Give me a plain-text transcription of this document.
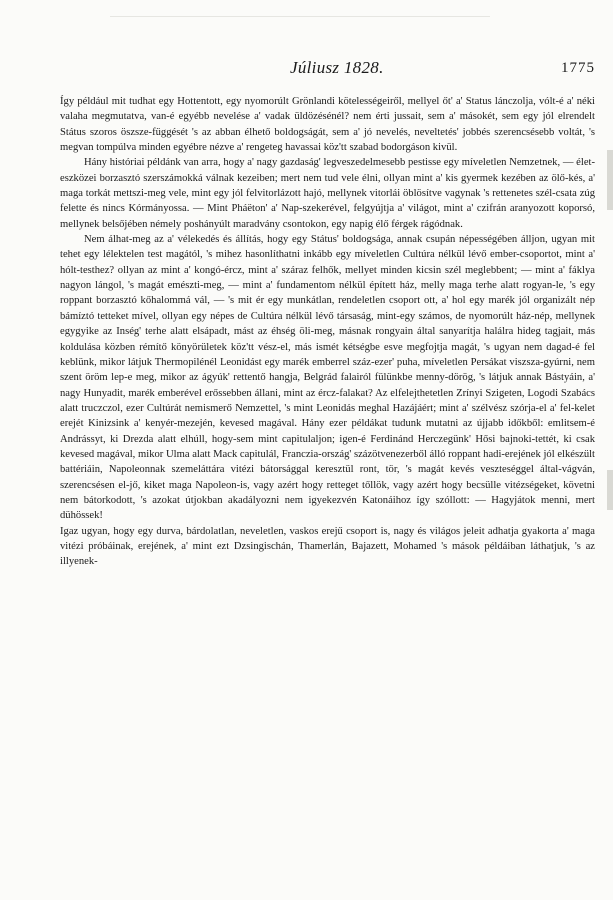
Júliusz 1828.	1775

Így például mit tudhat egy Hottentott, egy nyomorúlt Grönlandi kötelességeiről, mellyel őt' a' Status lánczolja, vólt-é a' néki valaha megmutatva, van-é egyébb nevelése a' vadak üldözésénél? nem érti jussait, sem a' másokét, sem egy jól elrendelt Státus szoros öszsze-függését 's az abban élhető boldogságát, sem a' jó nevelés, neveltetés' jobbés szerencsésebb voltát, 's megvan tompúlva minden egyébre nézve a' rengeteg havassai köz'tt szabad bodorgáson kivül.

Hány históriai példánk van arra, hogy a' nagy gazdaság' legveszedelmesebb pestisse egy míveletlen Nemzetnek, — élet-eszközei borzasztó szerszámokká válnak kezeiben; mert nem tud vele élni, ollyan mint a' kis gyermek kezében az ölő-kés, a' maga torkát mettszi-meg vele, mint egy jól felvitorlázott hajó, mellynek vitorlái öblösítve vagynak 's rettenetes szél-csata zúg felette és nincs Kórmányossa. — Mint Pháëton' a' Nap-szekerével, felgyújtja a' világot, mint a' czifrán aranyozott koporsó, mellynek belsőjében némely poshányúlt maradvány csontokon, egy napig élő férgek rágódnak.

Nem álhat-meg az a' vélekedés és állítás, hogy egy Státus' boldogsága, annak csupán népességében álljon, ugyan mit tehet egy lélektelen test magától, 's mihez hasonlíthatni inkább egy míveletlen Cultúra nélkül lévő ember-csoportot, mint a' hólt-testhez? ollyan az mint a' kongó-ércz, mint a' száraz felhők, mellyet minden kicsin szél meglebbent; — mint a' fáklya nagyon lángol, 's magát emészti-meg, — mint a' fundamentom nélkül épített ház, melly maga terhe alatt rogyan-le, 's egy roppant borzasztó kőhalommá vál, — 's mit ér egy munkátlan, rendeletlen csoport ott, a' hol egy marék jól organizált nép bámíztó tetteket mível, ollyan egy népes de Cultúra nélkül lévő társaság, mint-egy számos, de nyomorúlt ház-nép, mellynek egygyike az Inség' terhe alatt elsápadt, mást az éhség öli-meg, másnak rongyain által sanyarítja halálra hideg tagjait, más koldulása közben rémítő könyörületek köz'tt vész-el, más ismét kétségbe esve megfojtja magát, 's ugyan nem dagad-é fel keblünk, mikor látjuk Thermopilénél Leonidást egy marék emberrel száz-ezer' puha, míveletlen Persákat viszsza-gyúrni, nem szent öröm lep-e meg, mikor az ágyúk' rettentő hangja, Belgrád falairól fülünkbe menny-dörög, 's látjuk annak Bástyáin, a' nagy Hunyadit, marék emberével erőssebben állani, mint az ércz-falakat? Az elfelejthetetlen Zrínyi Szigeten, Logodi Szabács alatt truczczol, ezer Cultúrát nemismerő Nemzettel, 's mint Leonidás meghal Hazájáért; mint a' szélvész szórja-el a' fel-kelet erejét Kinizsink a' kenyér-mezején, kevesed magával. Hány ezer példákat tudunk mutatni az újjabb időkből: emlitsem-é Andrássyt, ki Drezda alatt elhúll, hogy-sem mint capitulaljon; igen-é Ferdinánd Herczegünk' Hősi bajnoki-tettét, ki csak kevesed magával, mikor Ulma alatt Mack capitulál, Franczia-ország' százötvenezerből álló roppant hadi-erejének jól elkészült battériáin, Napoleonnak szemeláttára vitézi bátorsággal keresztül ront, tör, 's magát kevés veszteséggel által-vágván, szerencsésen el-jő, kiket maga Napoleon-is, vagy azért hogy retteget tőllök, vagy azért hogy becsülle vitézségeket, követni nem bátorkodott, 's azokat útjokban akadályozni nem igyekezvén Katonáihoz így szóllott: — Hagyjátok menni, mert dühössek!

Igaz ugyan, hogy egy durva, bárdolatlan, neveletlen, vaskos erejű csoport is, nagy és világos jeleit adhatja gyakorta a' maga vitézi próbáinak, erejének, a' mint ezt Dzsingischán, Thamerlán, Bajazett, Mohamed 's mások példáiban láthatjuk, 's az illyenek-
